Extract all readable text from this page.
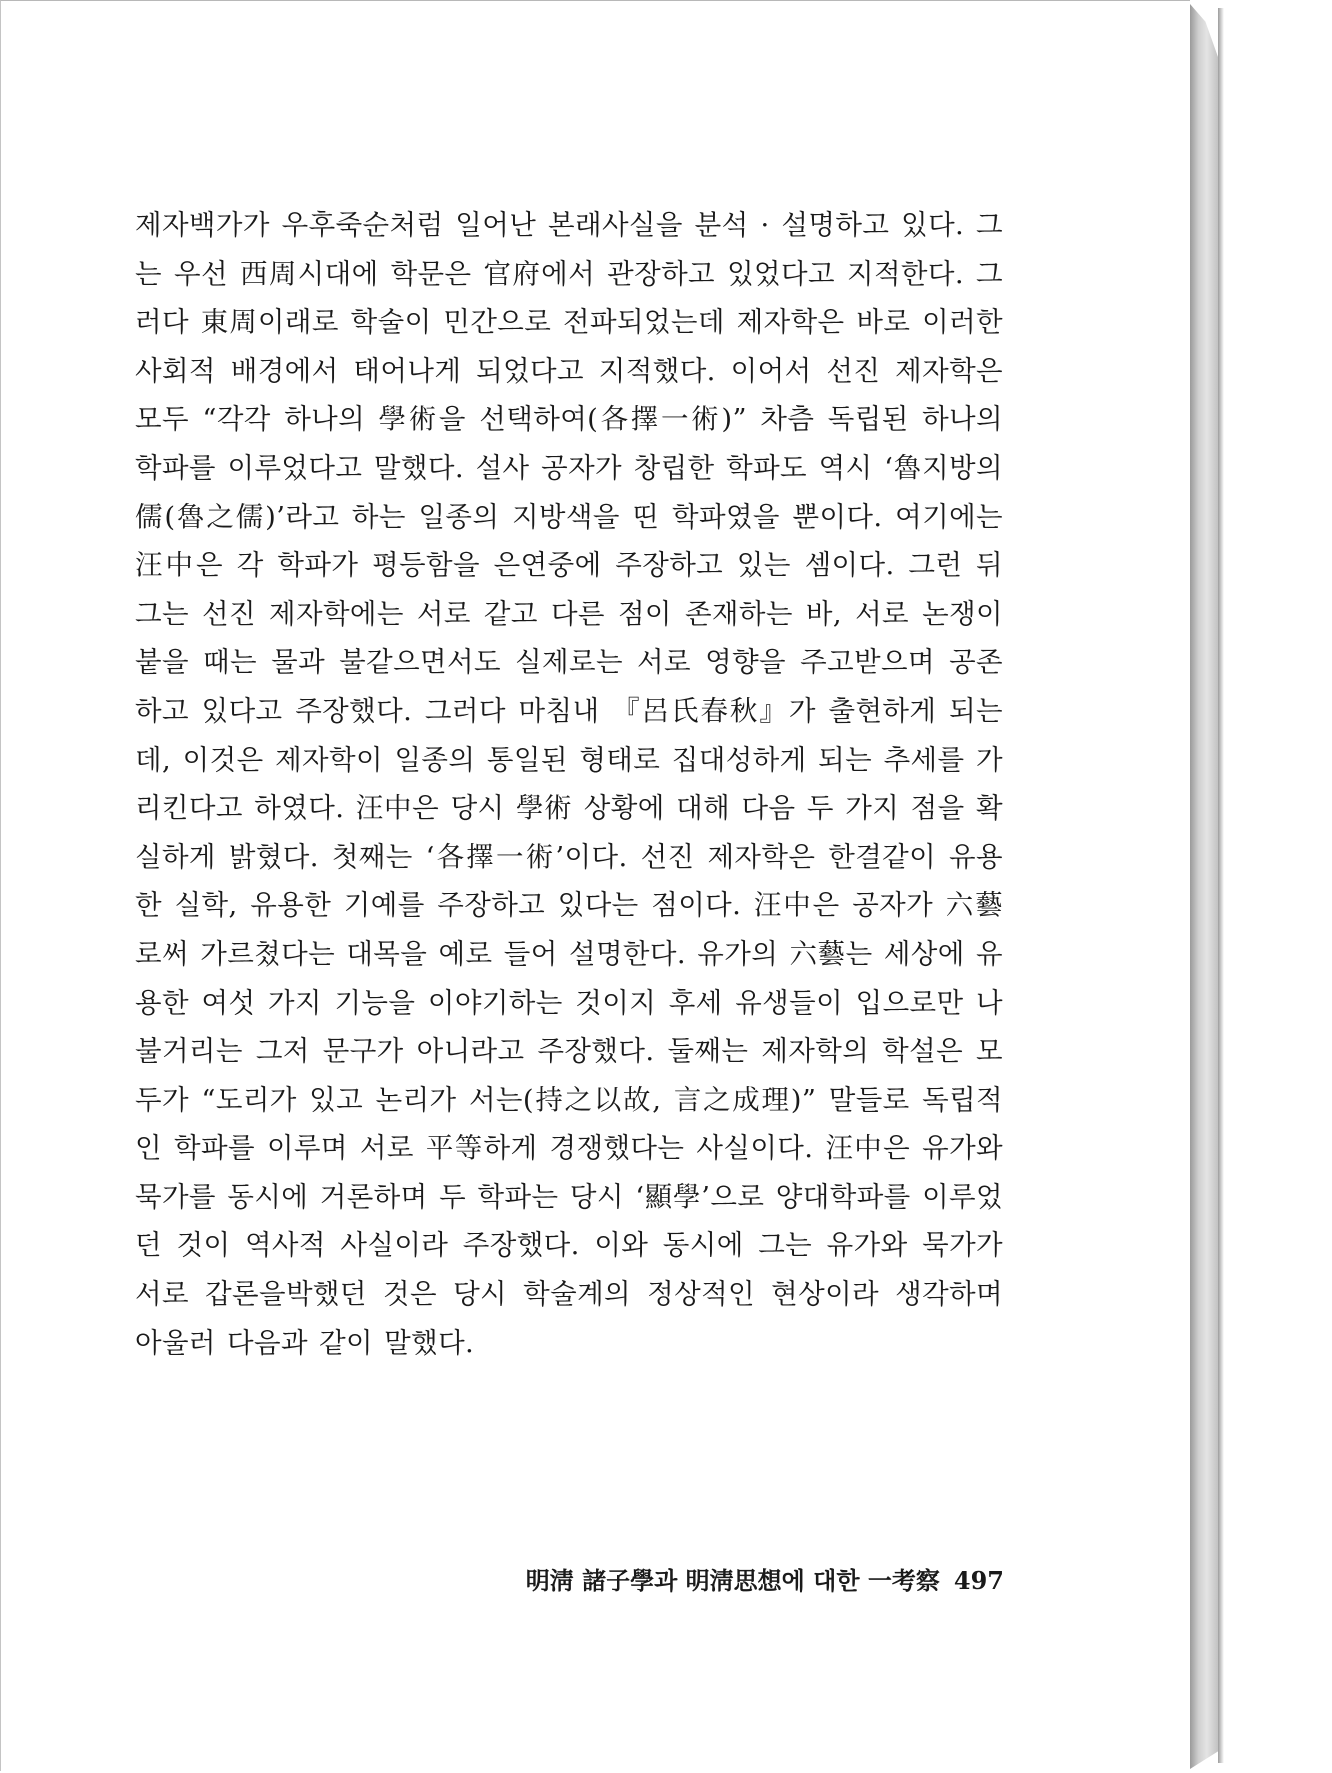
제자백가가 우후죽순처럼 일어난 본래사실을 분석 · 설명하고 있다. 그는 우선 西周시대에 학문은 官府에서 관장하고 있었다고 지적한다. 그러다 東周이래로 학술이 민간으로 전파되었는데 제자학은 바로 이러한 사회적 배경에서 태어나게 되었다고 지적했다. 이어서 선진 제자학은 모두 “각각 하나의 學術을 선택하여(各擇一術)” 차츰 독립된 하나의 학파를 이루었다고 말했다. 설사 공자가 창립한 학파도 역시 ‘魯지방의 儒(魯之儒)’라고 하는 일종의 지방색을 띤 학파였을 뿐이다. 여기에는 汪中은 각 학파가 평등함을 은연중에 주장하고 있는 셈이다. 그런 뒤 그는 선진 제자학에는 서로 같고 다른 점이 존재하는 바, 서로 논쟁이 붙을 때는 물과 불같으면서도 실제로는 서로 영향을 주고받으며 공존하고 있다고 주장했다. 그러다 마침내 『呂氏春秋』가 출현하게 되는데, 이것은 제자학이 일종의 통일된 형태로 집대성하게 되는 추세를 가리킨다고 하였다. 汪中은 당시 學術 상황에 대해 다음 두 가지 점을 확실하게 밝혔다. 첫째는 ‘各擇一術’이다. 선진 제자학은 한결같이 유용한 실학, 유용한 기예를 주장하고 있다는 점이다. 汪中은 공자가 六藝로써 가르쳤다는 대목을 예로 들어 설명한다. 유가의 六藝는 세상에 유용한 여섯 가지 기능을 이야기하는 것이지 후세 유생들이 입으로만 나불거리는 그저 문구가 아니라고 주장했다. 둘째는 제자학의 학설은 모두가 “도리가 있고 논리가 서는(持之以故, 言之成理)” 말들로 독립적인 학파를 이루며 서로 平等하게 경쟁했다는 사실이다. 汪中은 유가와 묵가를 동시에 거론하며 두 학파는 당시 ‘顯學’으로 양대학파를 이루었던 것이 역사적 사실이라 주장했다. 이와 동시에 그는 유가와 묵가가 서로 갑론을박했던 것은 당시 학술계의 정상적인 현상이라 생각하며 아울러 다음과 같이 말했다.

明淸 諸子學과 明淸思想에 대한 一考察 497
